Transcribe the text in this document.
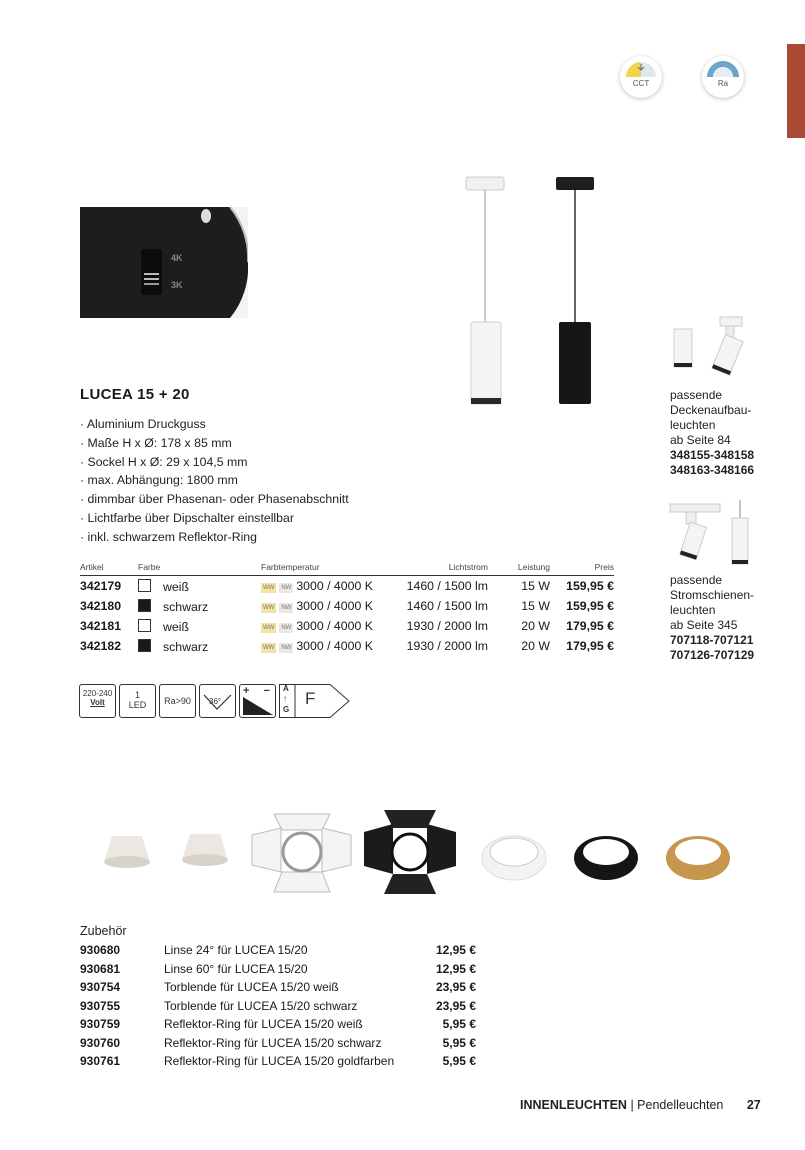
CCT	Ra
4K
3K
LUCEA 15 + 20
· Aluminium Druckguss
· Maße H x Ø: 178 x 85 mm
· Sockel H x Ø: 29 x 104,5 mm
· max. Abhängung: 1800 mm
· dimmbar über Phasenan- oder Phasenabschnitt
· Lichtfarbe über Dipschalter einstellbar
· inkl. schwarzem Reflektor-Ring
Artikel	Farbe	Farbtemperatur	Lichtstrom	Leistung	Preis
342179	weiß	WW NW 3000 / 4000 K	1460 / 1500 lm	15 W	159,95 €
342180	schwarz	WW NW 3000 / 4000 K	1460 / 1500 lm	15 W	159,95 €
342181	weiß	WW NW 3000 / 4000 K	1930 / 2000 lm	20 W	179,95 €
342182	schwarz	WW NW 3000 / 4000 K	1930 / 2000 lm	20 W	179,95 €
220-240
Volt
1
LED	Ra>90	36°
+ − A
↑
G
F
passende
Deckenaufbau-
leuchten
ab Seite 84
348155-348158
348163-348166
passende
Stromschienen-
leuchten
ab Seite 345
707118-707121
707126-707129
Zubehör
930680	Linse 24° für LUCEA 15/20	12,95 €
930681	Linse 60° für LUCEA 15/20	12,95 €
930754	Torblende für LUCEA 15/20 weiß	23,95 €
930755	Torblende für LUCEA 15/20 schwarz	23,95 €
930759	Reflektor-Ring für LUCEA 15/20 weiß	5,95 €
930760	Reflektor-Ring für LUCEA 15/20 schwarz	5,95 €
930761	Reflektor-Ring für LUCEA 15/20 goldfarben	5,95 €
INNENLEUCHTEN | Pendelleuchten 27
